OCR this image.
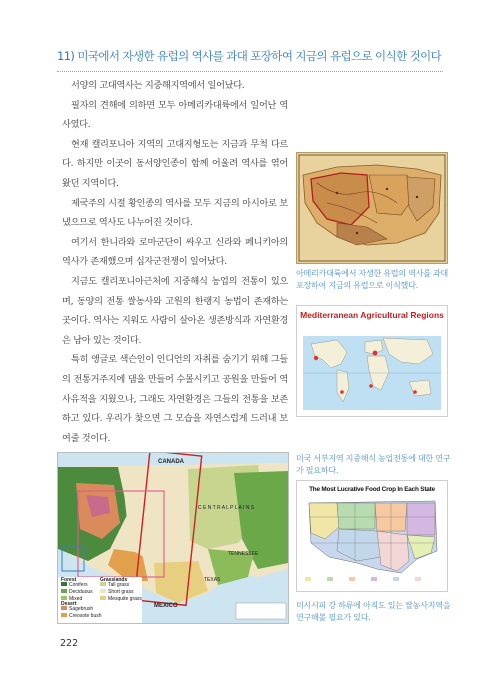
11) 미국에서 자생한 유럽의 역사를 과대 포장하여 지금의 유럽으로 이식한 것이다

서양의 고대역사는 지중해지역에서 일어났다.

필자의 견해에 의하면 모두 아메리카대륙에서 일어난 역사였다.

현재 캘리포니아 지역의 고대지형도는 지금과 무척 다르다. 하지만 이곳이 동서양인종이 함께 어울려 역사를 엮어 왔던 지역이다.

제국주의 시절 황인종의 역사를 모두 지금의 아시아로 보냈으므로 역사도 나누어진 것이다.

여기서 한니라와 로마군단이 싸우고 신라와 페니키아의 역사가 존재했으며 십자군전쟁이 일어났다.

지금도 캘리포니아근처에 지중해식 농업의 전통이 있으며, 동양의 전통 쌀농사와 고원의 한랭지 농법이 존재하는 곳이다. 역사는 지워도 사람이 살아온 생존방식과 자연환경은 남아 있는 것이다.

특히 앵글로 색슨인이 인디언의 자취를 숨기기 위해 그들의 전통거주지에 댐을 만들어 수몰시키고 공원을 만들어 역사유적을 지웠으나, 그래도 자연환경은 그들의 전통을 보존하고 있다. 우리가 찾으면 그 모습을 자연스럽게 드러내 보여줄 것이다.

아메리카대륙에서 자생한 유럽의 역사를 과대 포장하여 지금의 유럽으로 이식했다.
Mediterranean Agricultural Regions
미국 서부지역 지중해식 농업전통에 대한 연구가 필요하다.
CANADA
C E N T R A L P L A I N S
TENNESSEE
TEXAS
MEXICO
Forest
Conifers
Deciduous
Mixed
Desert
Sagebrush
Creosote bush
Grasslands
Tall grass
Short grass
Mesquite grass
The Most Lucrative Food Crop In Each State
미시시피 강 하류에 아직도 있는 쌀농사지역을 연구해볼 필요가 있다.
222
